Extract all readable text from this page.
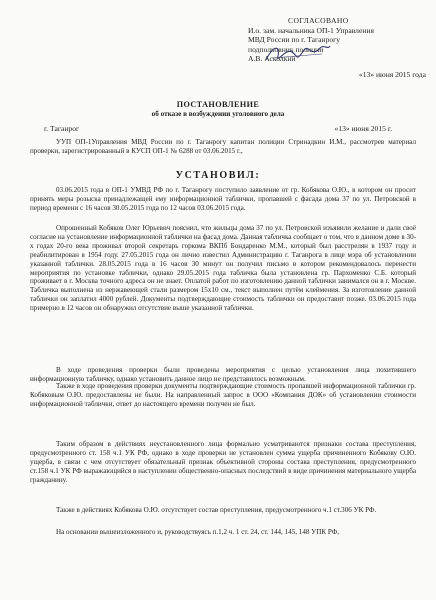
СОГЛАСОВАНО
И.о. зам. начальника ОП-1 Управления
МВД России по г. Таганрогу
подполковник полиции
А.В. Асколкий
«13» июня 2015 года
ПОСТАНОВЛЕНИЕ
об отказе в возбуждении уголовного дела
г. Таганрог	«13» июня 2015 г.
УУП ОП-1Управления МВД России по г. Таганрогу капитан полиции Стринадкин И.М., рассмотрев материал проверки, зарегистрированный в КУСП ОП-1 № 6288 от 03.06.2015 г.,
УСТАНОВИЛ:
03.06.2015 года в ОП-1 УМВД РФ по г. Таганрогу поступило заявление от гр. Кобякова О.Ю., в котором он просит принять меры розыска принадлежащей ему информационной таблички, пропавшей с фасада дома 37 по ул. Петровской в период времени с 16 часов 30.05.2015 года по 12 часов 03.06.2015 года.
Опрошенный Кобяков Олег Юрьевич пояснил, что жильцы дома 37 по ул. Петровской изъявили желание и дали своё согласие на установление информационной таблички на фасад дома. Данная табличка сообщает о том, что в данном доме в 30-х годах 20-го века проживал второй секретарь горкома ВКПб Бондаренко М.М., который был расстрелян в 1937 году и реабилитирован в 1954 году. 27.05.2015 года он лично известил Администрацию г. Таганрога в лице мэра об установлении указанной таблички. 28.05.2015 года в 16 часов 30 минут он получил письмо в котором рекомендовалось перенести мероприятия по установке таблички, однако 29.05.2015 года табличка была установлена гр. Пархоменко С.Б. который проживает в г. Москва точного адреса он не знает. Оплатой работ по изготовлению данной таблички занимался он в г. Москве. Табличка выполнена из нержавеющей стали размером 15x10 см., текст выполнен путём клеймения. За изготовление данной таблички он заплатил 4000 рублей. Документы подтверждающие стоимость таблички он предоставит позже. 03.06.2015 года примерно в 12 часов он обнаружил отсутствие выше указанной таблички.
В ходе проведения проверки были проведены мероприятия с целью установления лица похитившего информационную табличку, однако установить данное лицо не представилось возможным.
Также в ходе проведения проверки документы подтверждающие стоимость пропавшей информационной таблички гр. Кобяковым О.Ю. предоставлены не были. На направленный запрос в ООО «Компания ДОК» об установлении стоимости информационной таблички, ответ до настоящего времени получен не был.
Таким образом в действиях неустановленного лица формально усматриваются признаки состава преступления, предусмотренного ст. 158 ч.1 УК РФ, однако в ходе проверки не установлен сумма ущерба причиненного Кобякову О.Ю. ущерба, в связи с чем отсутствует обязательный признак объективной стороны состава преступления, предусмотренного ст.158 ч.1 УК РФ выражающийся в наступлении общественно-опасных последствий в виде причинения материального ущерба гражданину.
Также в действиях Кобякова О.Ю. отсутствует состав преступления, предусмотренного ч.1 ст.306 УК РФ.
На основании вышеизложенного и, руководствуясь п.1,2 ч. 1 ст. 24, ст. 144, 145, 148 УПК РФ,
